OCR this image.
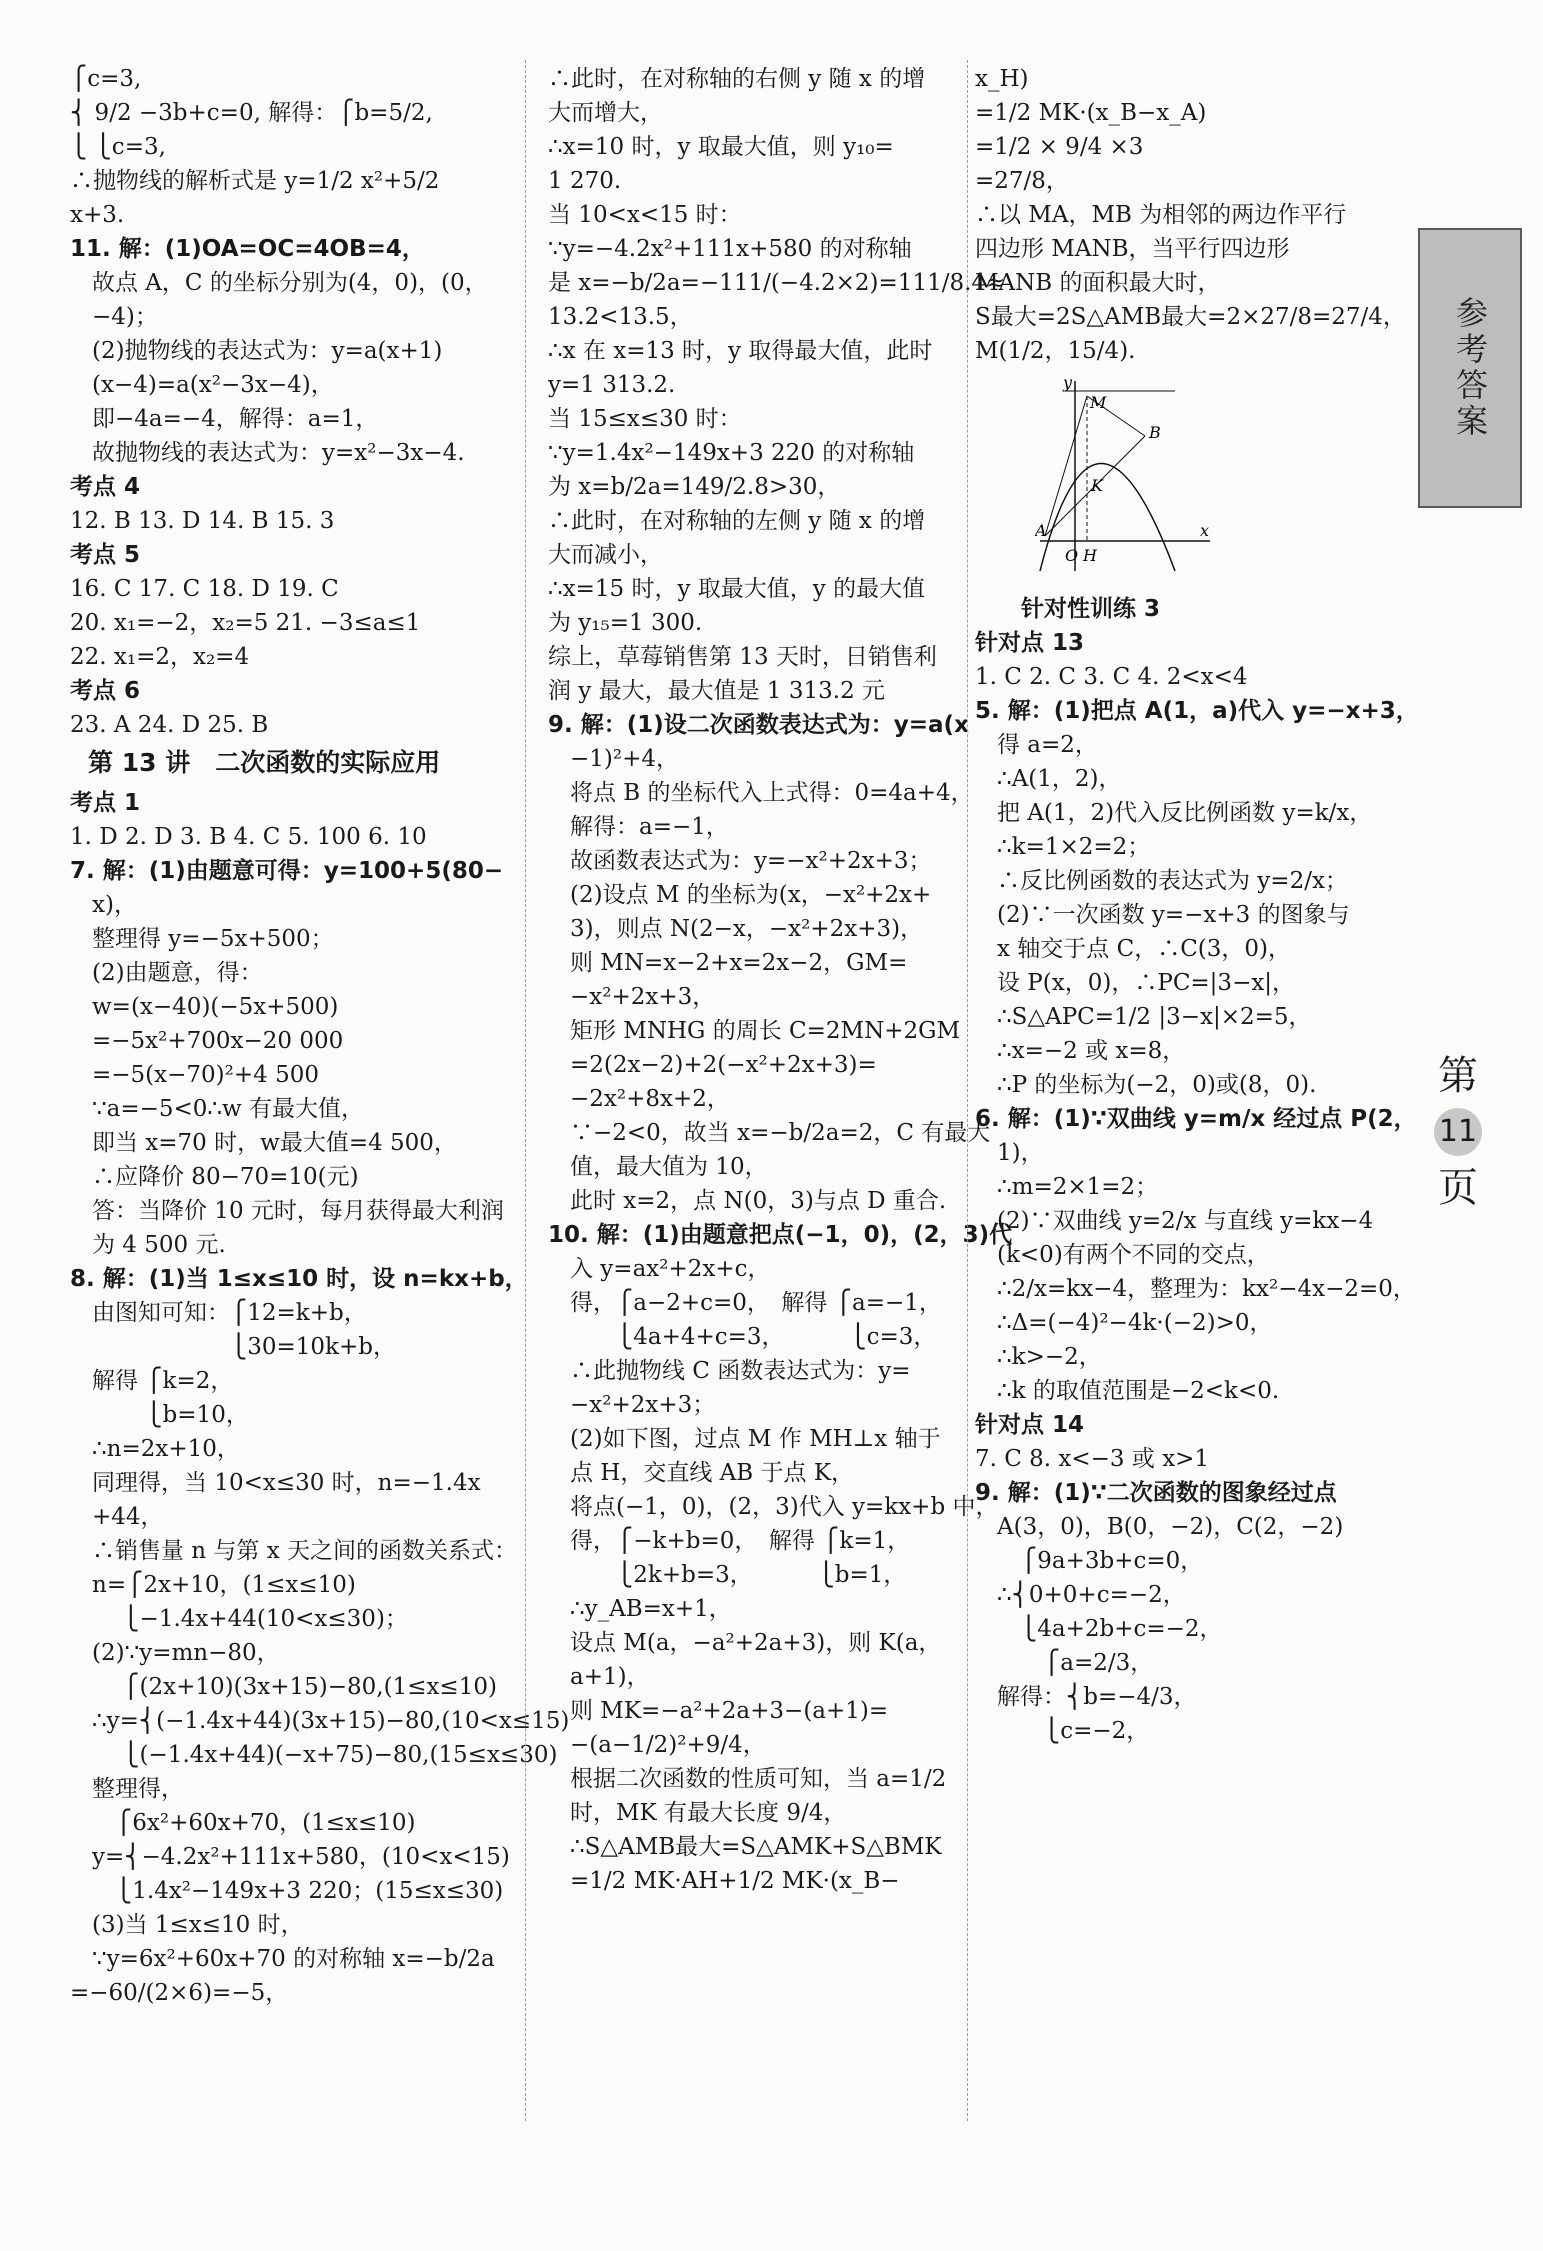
⎧c=3,
⎨ 9/2 −3b+c=0, 解得：⎧b=5/2,
⎩ ⎩c=3,
∴抛物线的解析式是 y=1/2 x²+5/2
x+3.
11. 解：(1)OA=OC=4OB=4，
故点 A，C 的坐标分别为(4，0)，(0，
−4)；
(2)抛物线的表达式为：y=a(x+1)
(x−4)=a(x²−3x−4)，
即−4a=−4，解得：a=1，
故抛物线的表达式为：y=x²−3x−4.
考点 4
12. B 13. D 14. B 15. 3
考点 5
16. C 17. C 18. D 19. C
20. x₁=−2，x₂=5 21. −3≤a≤1
22. x₁=2，x₂=4
考点 6
23. A 24. D 25. B
第 13 讲　二次函数的实际应用
考点 1
1. D 2. D 3. B 4. C 5. 100 6. 10
7. 解：(1)由题意可得：y=100+5(80−
x)，
整理得 y=−5x+500；
(2)由题意，得：
w=(x−40)(−5x+500)
=−5x²+700x−20 000
=−5(x−70)²+4 500
∵a=−5<0∴w 有最大值，
即当 x=70 时，w最大值=4 500，
∴应降价 80−70=10(元)
答：当降价 10 元时，每月获得最大利润
为 4 500 元.
8. 解：(1)当 1≤x≤10 时，设 n=kx+b，
由图知可知：⎧12=k+b，
　　　　　　⎩30=10k+b，
解得 ⎧k=2，
　　 ⎩b=10，
∴n=2x+10，
同理得，当 10<x≤30 时，n=−1.4x
+44，
∴销售量 n 与第 x 天之间的函数关系式：
n=⎧2x+10，(1≤x≤10)
　 ⎩−1.4x+44(10<x≤30)；
(2)∵y=mn−80，
　 ⎧(2x+10)(3x+15)−80,(1≤x≤10)
∴y=⎨(−1.4x+44)(3x+15)−80,(10<x≤15)
　 ⎩(−1.4x+44)(−x+75)−80,(15≤x≤30)
整理得，
　⎧6x²+60x+70，(1≤x≤10)
y=⎨−4.2x²+111x+580，(10<x<15)
　⎩1.4x²−149x+3 220；(15≤x≤30)
(3)当 1≤x≤10 时，
∵y=6x²+60x+70 的对称轴 x=−b/2a
=−60/(2×6)=−5，
∴此时，在对称轴的右侧 y 随 x 的增
大而增大，
∴x=10 时，y 取最大值，则 y₁₀=
1 270.
当 10<x<15 时：
∵y=−4.2x²+111x+580 的对称轴
是 x=−b/2a=−111/(−4.2×2)=111/8.4≈
13.2<13.5，
∴x 在 x=13 时，y 取得最大值，此时
y=1 313.2.
当 15≤x≤30 时：
∵y=1.4x²−149x+3 220 的对称轴
为 x=b/2a=149/2.8>30，
∴此时，在对称轴的左侧 y 随 x 的增
大而减小，
∴x=15 时，y 取最大值，y 的最大值
为 y₁₅=1 300.
综上，草莓销售第 13 天时，日销售利
润 y 最大，最大值是 1 313.2 元
9. 解：(1)设二次函数表达式为：y=a(x
−1)²+4，
将点 B 的坐标代入上式得：0=4a+4，
解得：a=−1，
故函数表达式为：y=−x²+2x+3；
(2)设点 M 的坐标为(x，−x²+2x+
3)，则点 N(2−x，−x²+2x+3)，
则 MN=x−2+x=2x−2，GM=
−x²+2x+3，
矩形 MNHG 的周长 C=2MN+2GM
=2(2x−2)+2(−x²+2x+3)=
−2x²+8x+2，
∵−2<0，故当 x=−b/2a=2，C 有最大
值，最大值为 10，
此时 x=2，点 N(0，3)与点 D 重合.
10. 解：(1)由题意把点(−1，0)，(2，3)代
入 y=ax²+2x+c，
得，⎧a−2+c=0，　解得 ⎧a=−1，
　　⎩4a+4+c=3，　　　 ⎩c=3，
∴此抛物线 C 函数表达式为：y=
−x²+2x+3；
(2)如下图，过点 M 作 MH⊥x 轴于
点 H，交直线 AB 于点 K，
将点(−1，0)，(2，3)代入 y=kx+b 中，
得，⎧−k+b=0，　解得 ⎧k=1，
　　⎩2k+b=3，　　　 ⎩b=1，
∴y_AB=x+1，
设点 M(a，−a²+2a+3)，则 K(a，
a+1)，
则 MK=−a²+2a+3−(a+1)=
−(a−1/2)²+9/4，
根据二次函数的性质可知，当 a=1/2
时，MK 有最大长度 9/4，
∴S△AMB最大=S△AMK+S△BMK
=1/2 MK·AH+1/2 MK·(x_B−
x_H)
=1/2 MK·(x_B−x_A)
=1/2 × 9/4 ×3
=27/8，
∴以 MA，MB 为相邻的两边作平行
四边形 MANB，当平行四边形
MANB 的面积最大时，
S最大=2S△AMB最大=2×27/8=27/4，
M(1/2，15/4).
y
x
M
B
K
A
O H
　　针对性训练 3
针对点 13
1. C 2. C 3. C 4. 2<x<4
5. 解：(1)把点 A(1，a)代入 y=−x+3，
得 a=2，
∴A(1，2)，
把 A(1，2)代入反比例函数 y=k/x，
∴k=1×2=2；
∴反比例函数的表达式为 y=2/x；
(2)∵一次函数 y=−x+3 的图象与
x 轴交于点 C，∴C(3，0)，
设 P(x，0)，∴PC=|3−x|，
∴S△APC=1/2 |3−x|×2=5，
∴x=−2 或 x=8，
∴P 的坐标为(−2，0)或(8，0).
6. 解：(1)∵双曲线 y=m/x 经过点 P(2，
1)，
∴m=2×1=2；
(2)∵双曲线 y=2/x 与直线 y=kx−4
(k<0)有两个不同的交点，
∴2/x=kx−4，整理为：kx²−4x−2=0，
∴Δ=(−4)²−4k·(−2)>0，
∴k>−2，
∴k 的取值范围是−2<k<0.
针对点 14
7. C 8. x<−3 或 x>1
9. 解：(1)∵二次函数的图象经过点
A(3，0)，B(0，−2)，C(2，−2)
　⎧9a+3b+c=0，
∴⎨0+0+c=−2，
　⎩4a+2b+c=−2，
　　⎧a=2/3，
解得：⎨b=−4/3，
　　⎩c=−2，
参考答案
第
11
页
